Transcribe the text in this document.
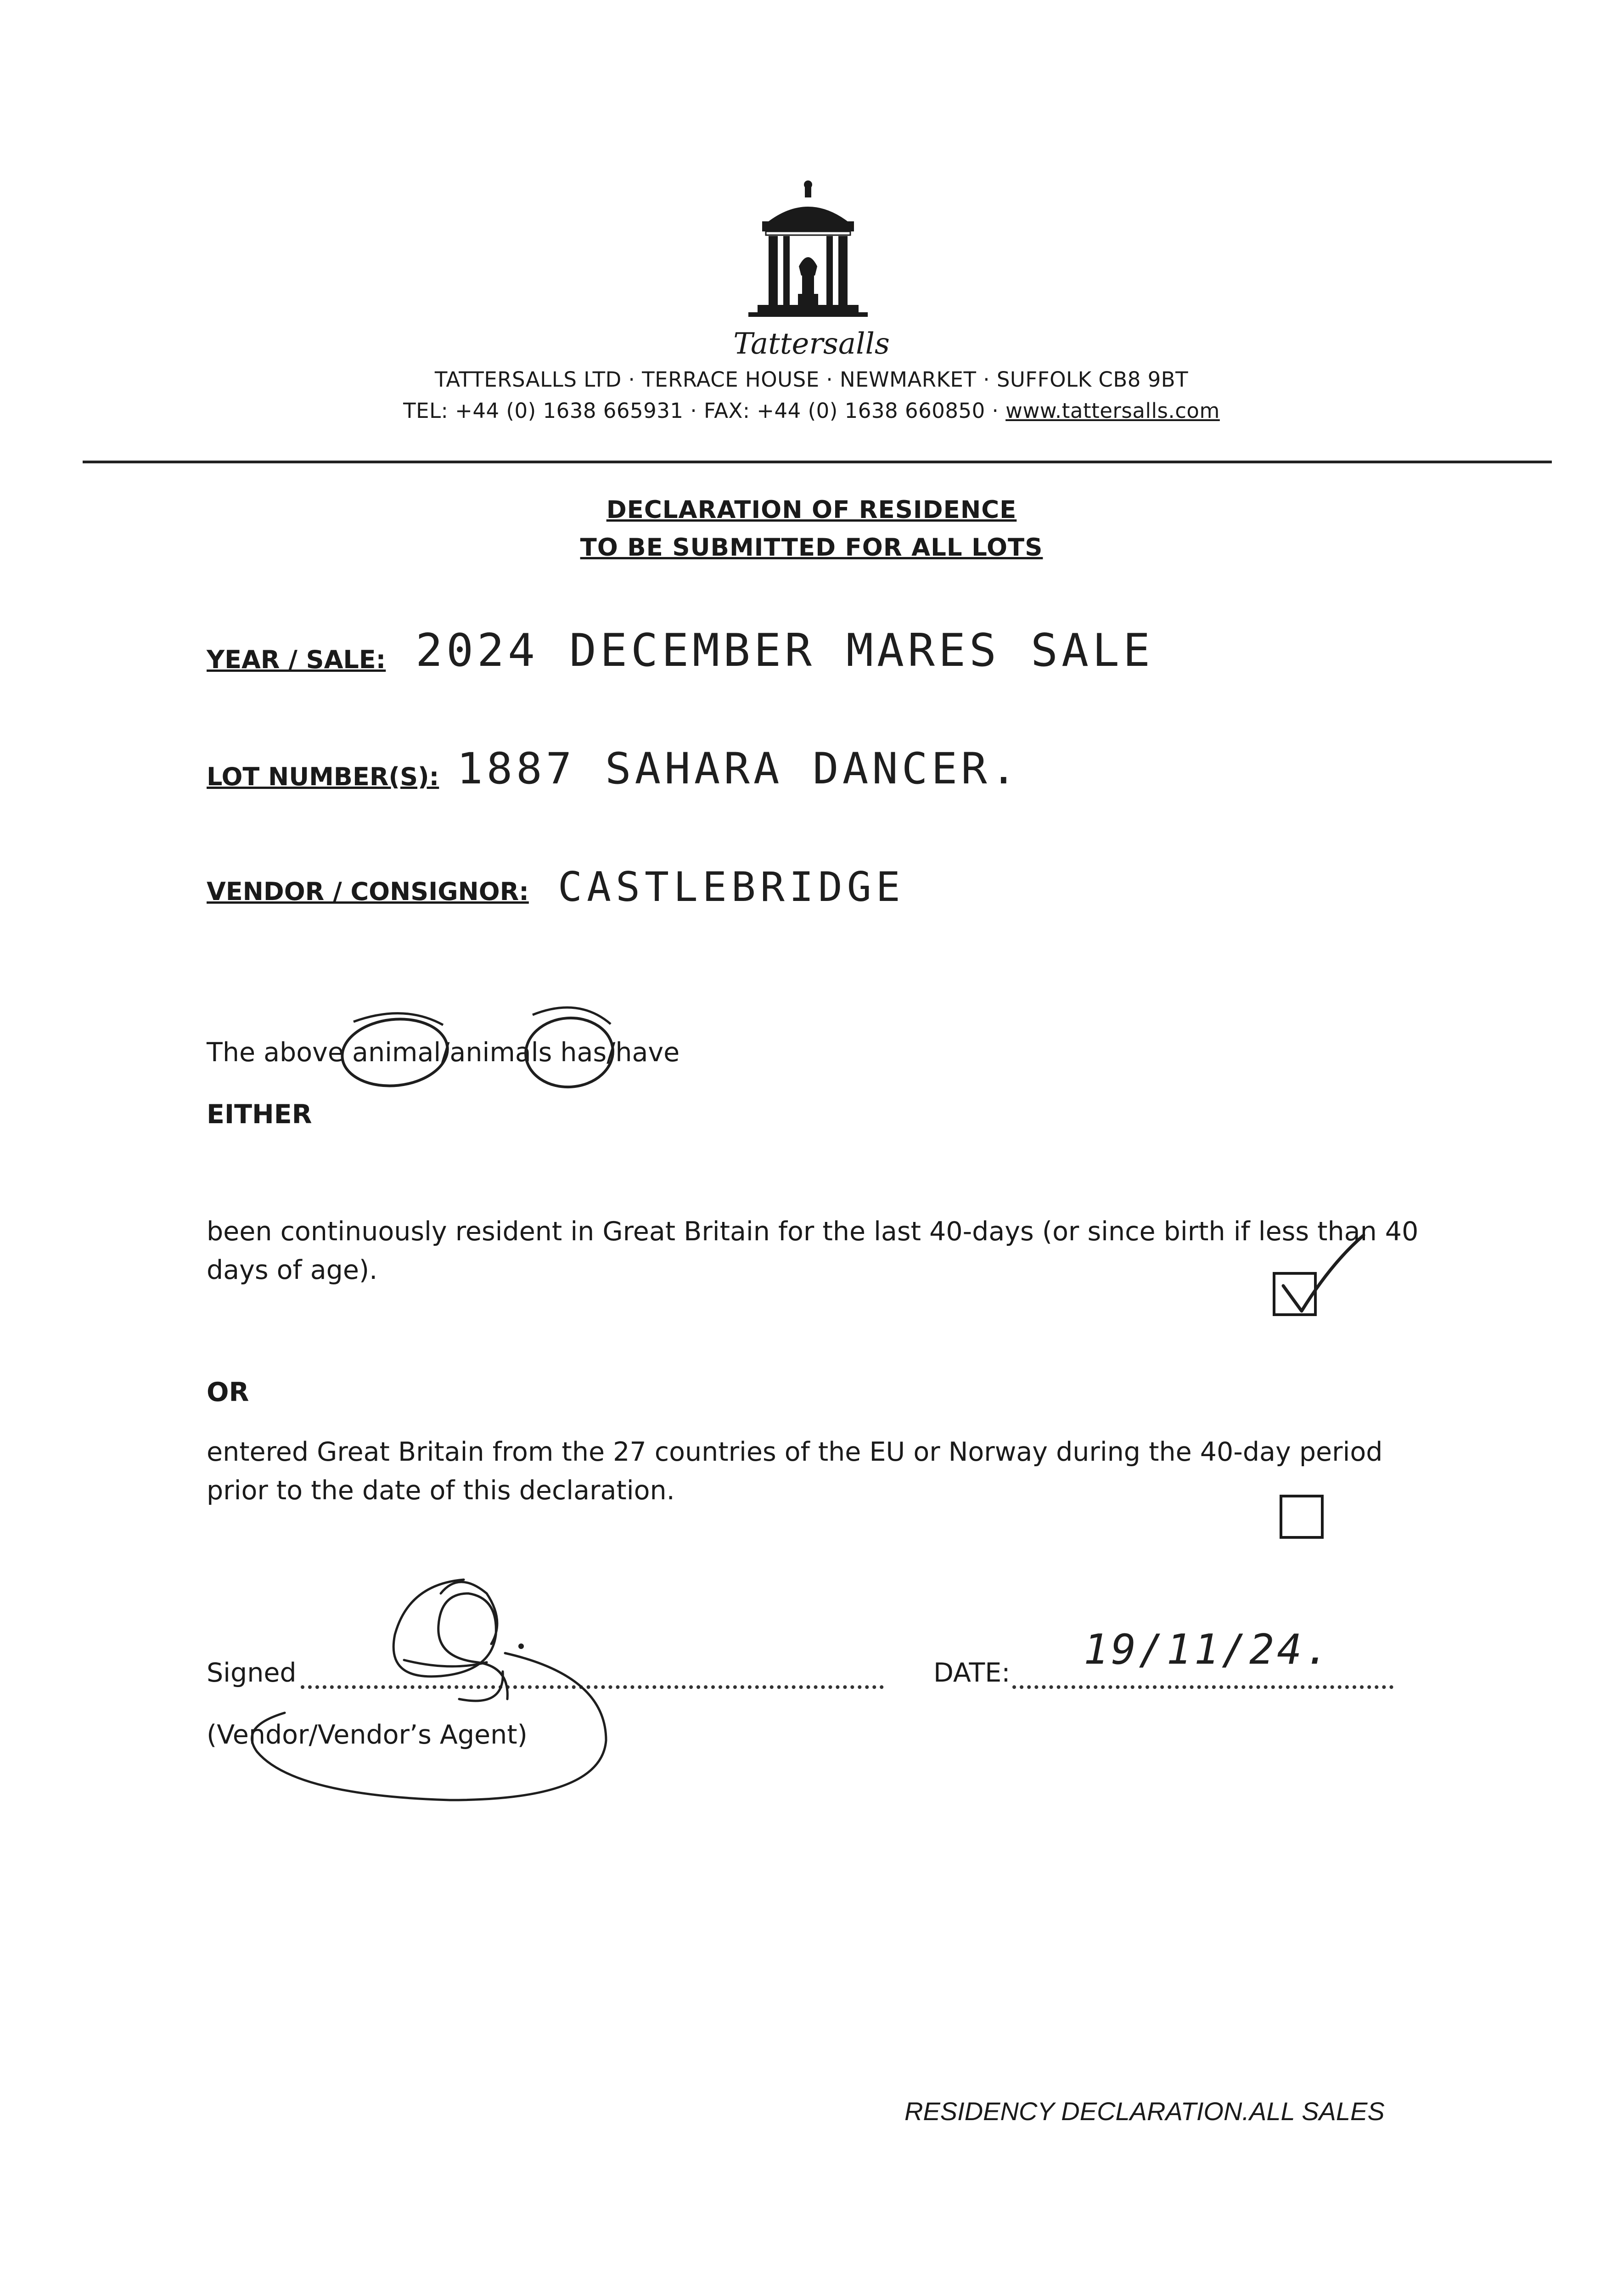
Tattersalls
TATTERSALLS LTD · TERRACE HOUSE · NEWMARKET · SUFFOLK CB8 9BT
TEL: +44 (0) 1638 665931 · FAX: +44 (0) 1638 660850 · www.tattersalls.com
DECLARATION OF RESIDENCE
TO BE SUBMITTED FOR ALL LOTS
YEAR / SALE: 2024 DECEMBER MARES SALE
LOT NUMBER(S): 1887 SAHARA DANCER.
VENDOR / CONSIGNOR: CASTLEBRIDGE
The above animal/animals has/have
EITHER
been continuously resident in Great Britain for the last 40-days (or since birth if less than 40 days of age).
OR
entered Great Britain from the 27 countries of the EU or Norway during the 40-day period prior to the date of this declaration.
Signed
(Vendor/Vendor’s Agent)
DATE: 19/11/24.
RESIDENCY DECLARATION.ALL SALES
